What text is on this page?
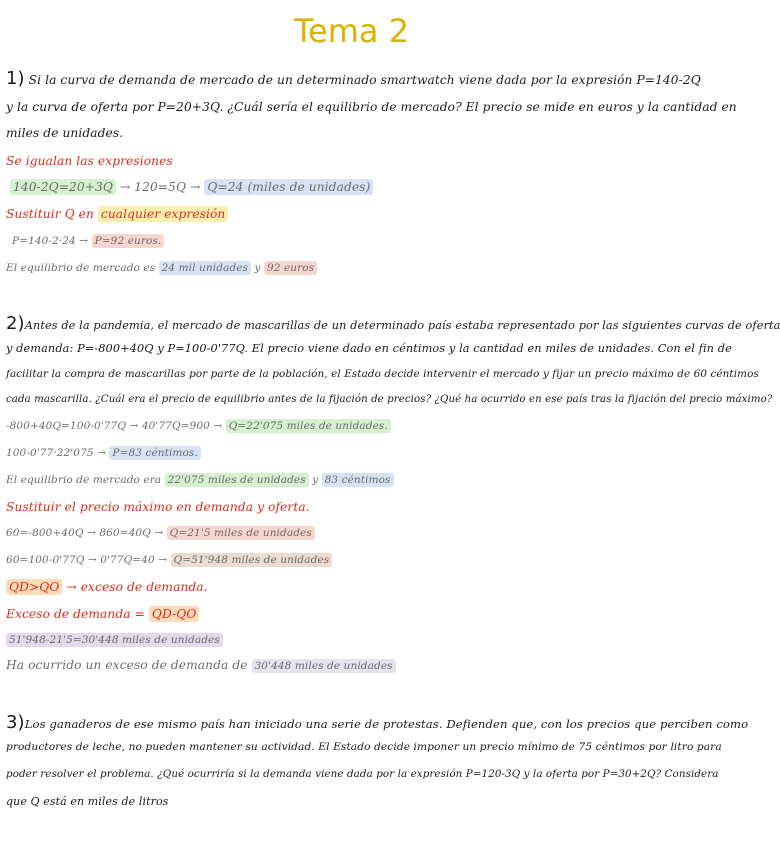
Tema 2
1) Si la curva de demanda de mercado de un determinado smartwatch viene dada por la expresión P=140-2Q
y la curva de oferta por P=20+3Q. ¿Cuál sería el equilibrio de mercado? El precio se mide en euros y la cantidad en
miles de unidades.
Se igualan las expresiones
140-2Q=20+3Q → 120=5Q → Q=24 (miles de unidades)
Sustituir Q en cualquier expresión
P=140-2·24 → P=92 euros.
El equilibrio de mercado es 24 mil unidades y 92 euros
2)Antes de la pandemia, el mercado de mascarillas de un determinado país estaba representado por las siguientes curvas de oferta
y demanda: P=-800+40Q y P=100-0'77Q. El precio viene dado en céntimos y la cantidad en miles de unidades. Con el fin de
facilitar la compra de mascarillas por parte de la población, el Estado decide intervenir el mercado y fijar un precio máximo de 60 céntimos
cada mascarilla. ¿Cuál era el precio de equilibrio antes de la fijación de precios? ¿Qué ha ocurrido en ese país tras la fijación del precio máximo?
-800+40Q=100-0'77Q → 40'77Q=900 → Q=22'075 miles de unidades.
100-0'77·22'075 → P=83 céntimos.
El equilibrio de mercado era 22'075 miles de unidades y 83 céntimos
Sustituir el precio máximo en demanda y oferta.
60=-800+40Q → 860=40Q → Q=21'5 miles de unidades
60=100-0'77Q → 0'77Q=40 → Q=51'948 miles de unidades
QD>QO → exceso de demanda.
Exceso de demanda = QD-QO
51'948-21'5=30'448 miles de unidades
Ha ocurrido un exceso de demanda de 30'448 miles de unidades
3)Los ganaderos de ese mismo país han iniciado una serie de protestas. Defienden que, con los precios que perciben como
productores de leche, no pueden mantener su actividad. El Estado decide imponer un precio mínimo de 75 céntimos por litro para
poder resolver el problema. ¿Qué ocurriría si la demanda viene dada por la expresión P=120-3Q y la oferta por P=30+2Q? Considera
que Q está en miles de litros
